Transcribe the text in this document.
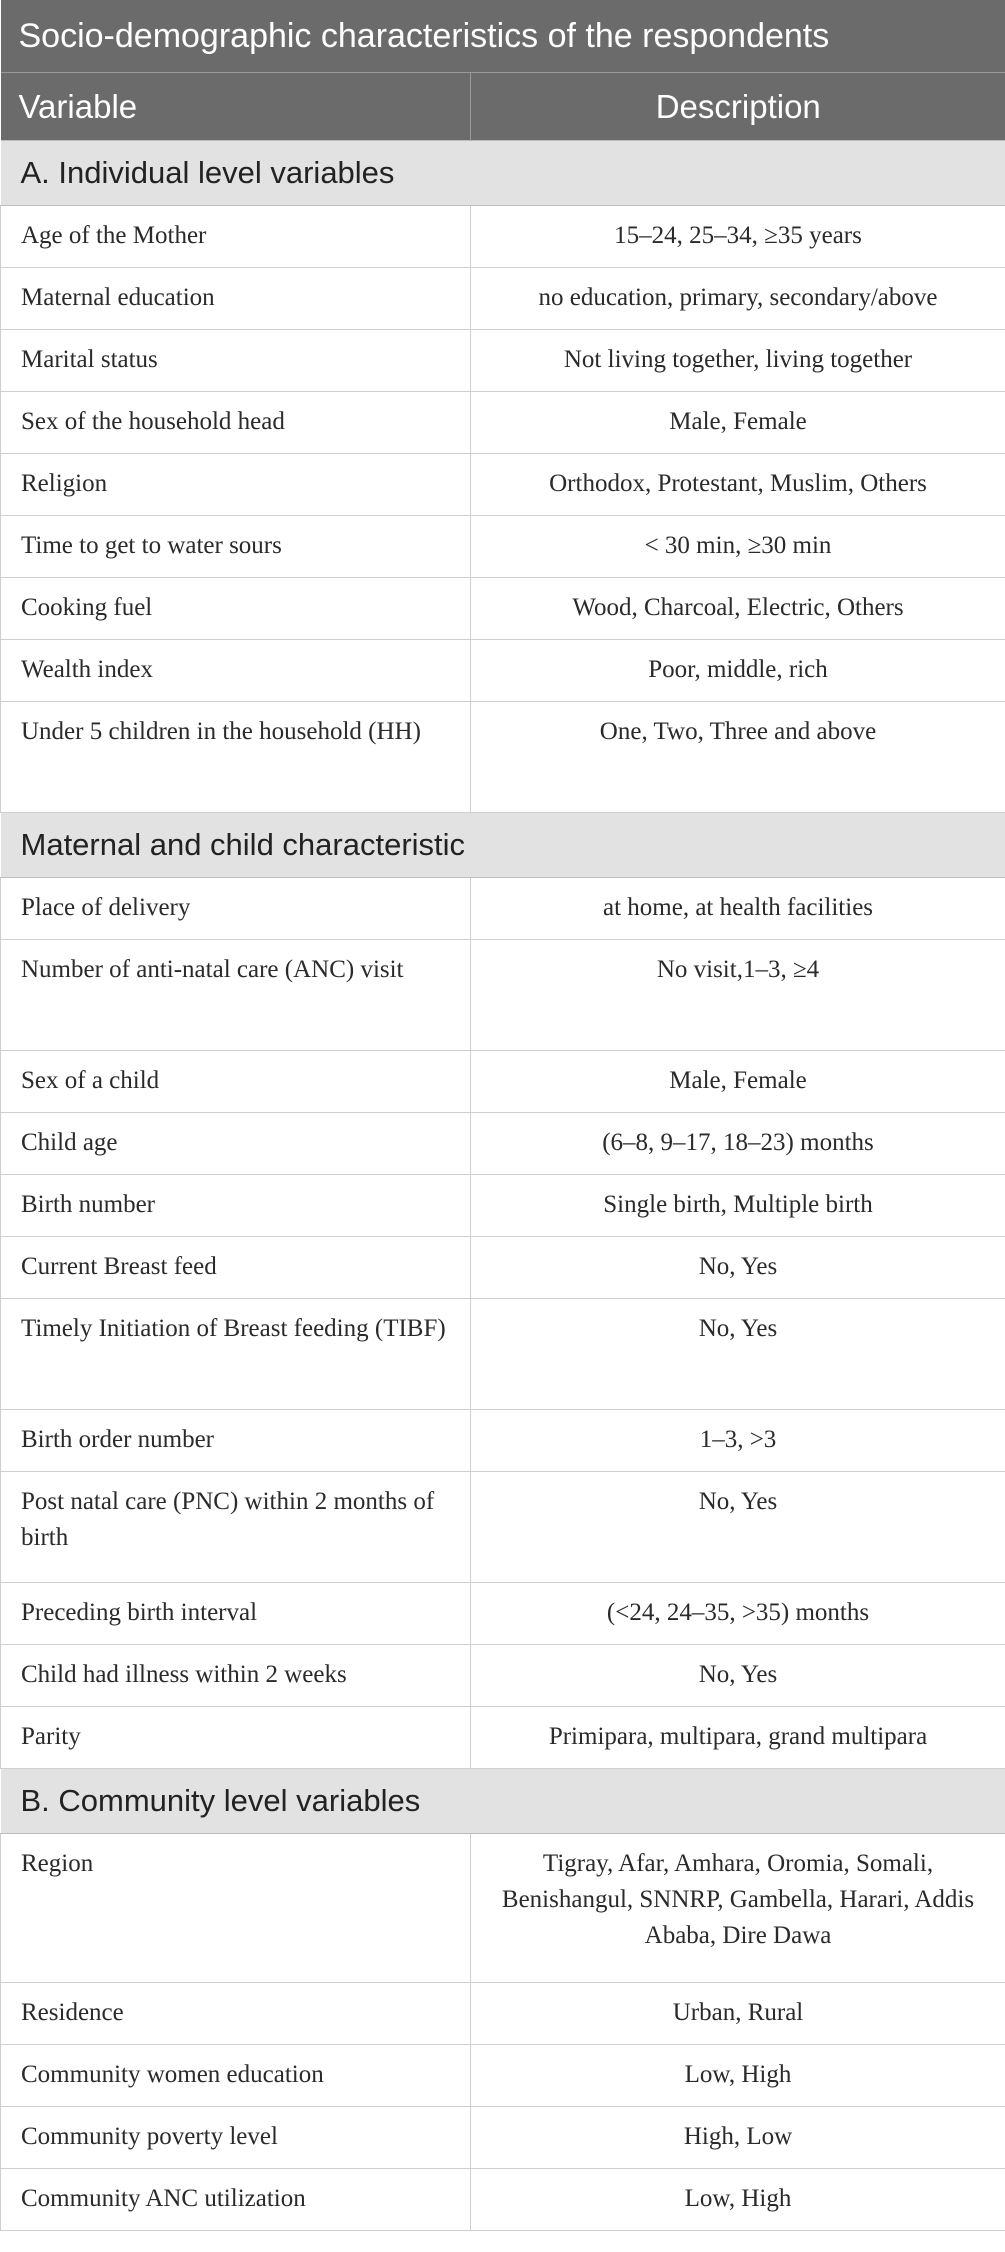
Socio-demographic characteristics of the respondents	
Variable	Description
A. Individual level variables	
Age of the Mother	15–24, 25–34, ≥35 years
Maternal education	no education, primary, secondary/above
Marital status	Not living together, living together
Sex of the household head	Male, Female
Religion	Orthodox, Protestant, Muslim, Others
Time to get to water sours	< 30 min, ≥30 min
Cooking fuel	Wood, Charcoal, Electric, Others
Wealth index	Poor, middle, rich
Under 5 children in the household (HH)	One, Two, Three and above
Maternal and child characteristic	
Place of delivery	at home, at health facilities
Number of anti-natal care (ANC) visit	No visit,1–3, ≥4
Sex of a child	Male, Female
Child age	(6–8, 9–17, 18–23) months
Birth number	Single birth, Multiple birth
Current Breast feed	No, Yes
Timely Initiation of Breast feeding (TIBF)	No, Yes
Birth order number	1–3, >3
Post natal care (PNC) within 2 months of birth	No, Yes
Preceding birth interval	(<24, 24–35, >35) months
Child had illness within 2 weeks	No, Yes
Parity	Primipara, multipara, grand multipara
B. Community level variables	
Region	Tigray, Afar, Amhara, Oromia, Somali, Benishangul, SNNRP, Gambella, Harari, Addis Ababa, Dire Dawa
Residence	Urban, Rural
Community women education	Low, High
Community poverty level	High, Low
Community ANC utilization	Low, High
